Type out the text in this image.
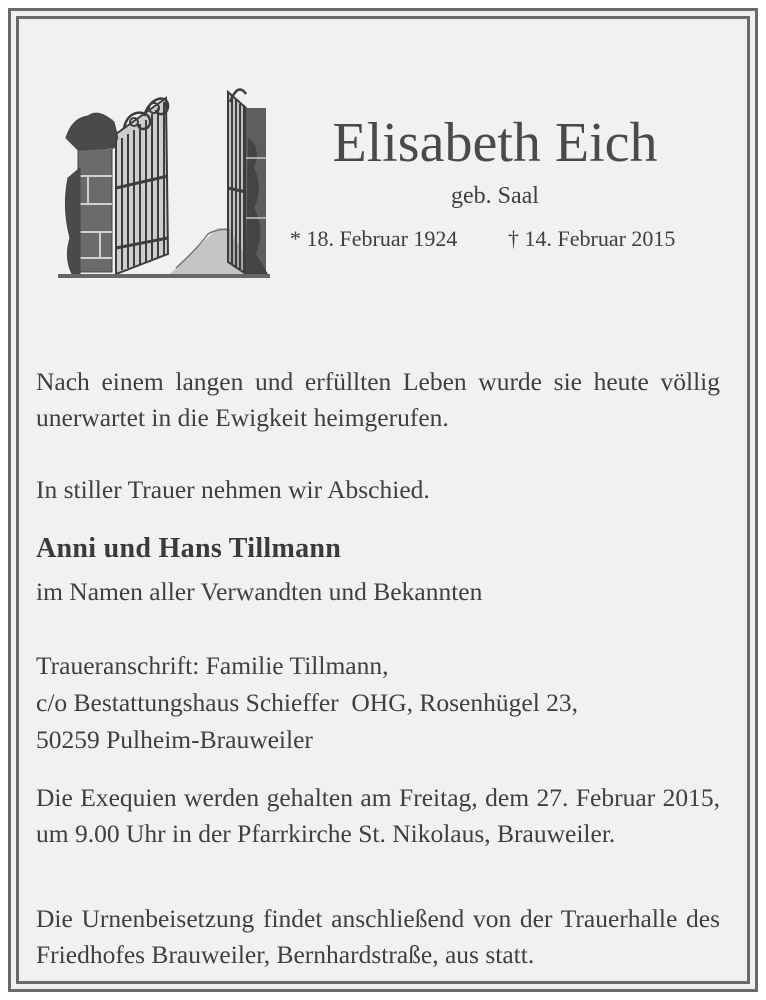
Elisabeth Eich
geb. Saal
* 18. Februar 1924 † 14. Februar 2015
Nach einem langen und erfüllten Leben wurde sie heute völlig unerwartet in die Ewigkeit heimgerufen.
In stiller Trauer nehmen wir Abschied.
Anni und Hans Tillmann
im Namen aller Verwandten und Bekannten
Traueranschrift: Familie Tillmann,
c/o Bestattungshaus Schieffer  OHG, Rosenhügel 23,
50259 Pulheim-Brauweiler
Die Exequien werden gehalten am Freitag, dem 27. Februar 2015, um 9.00 Uhr in der Pfarrkirche St. Nikolaus, Brauweiler.
Die Urnenbeisetzung findet anschließend von der Trauerhalle des Friedhofes Brauweiler, Bernhardstraße, aus statt.
